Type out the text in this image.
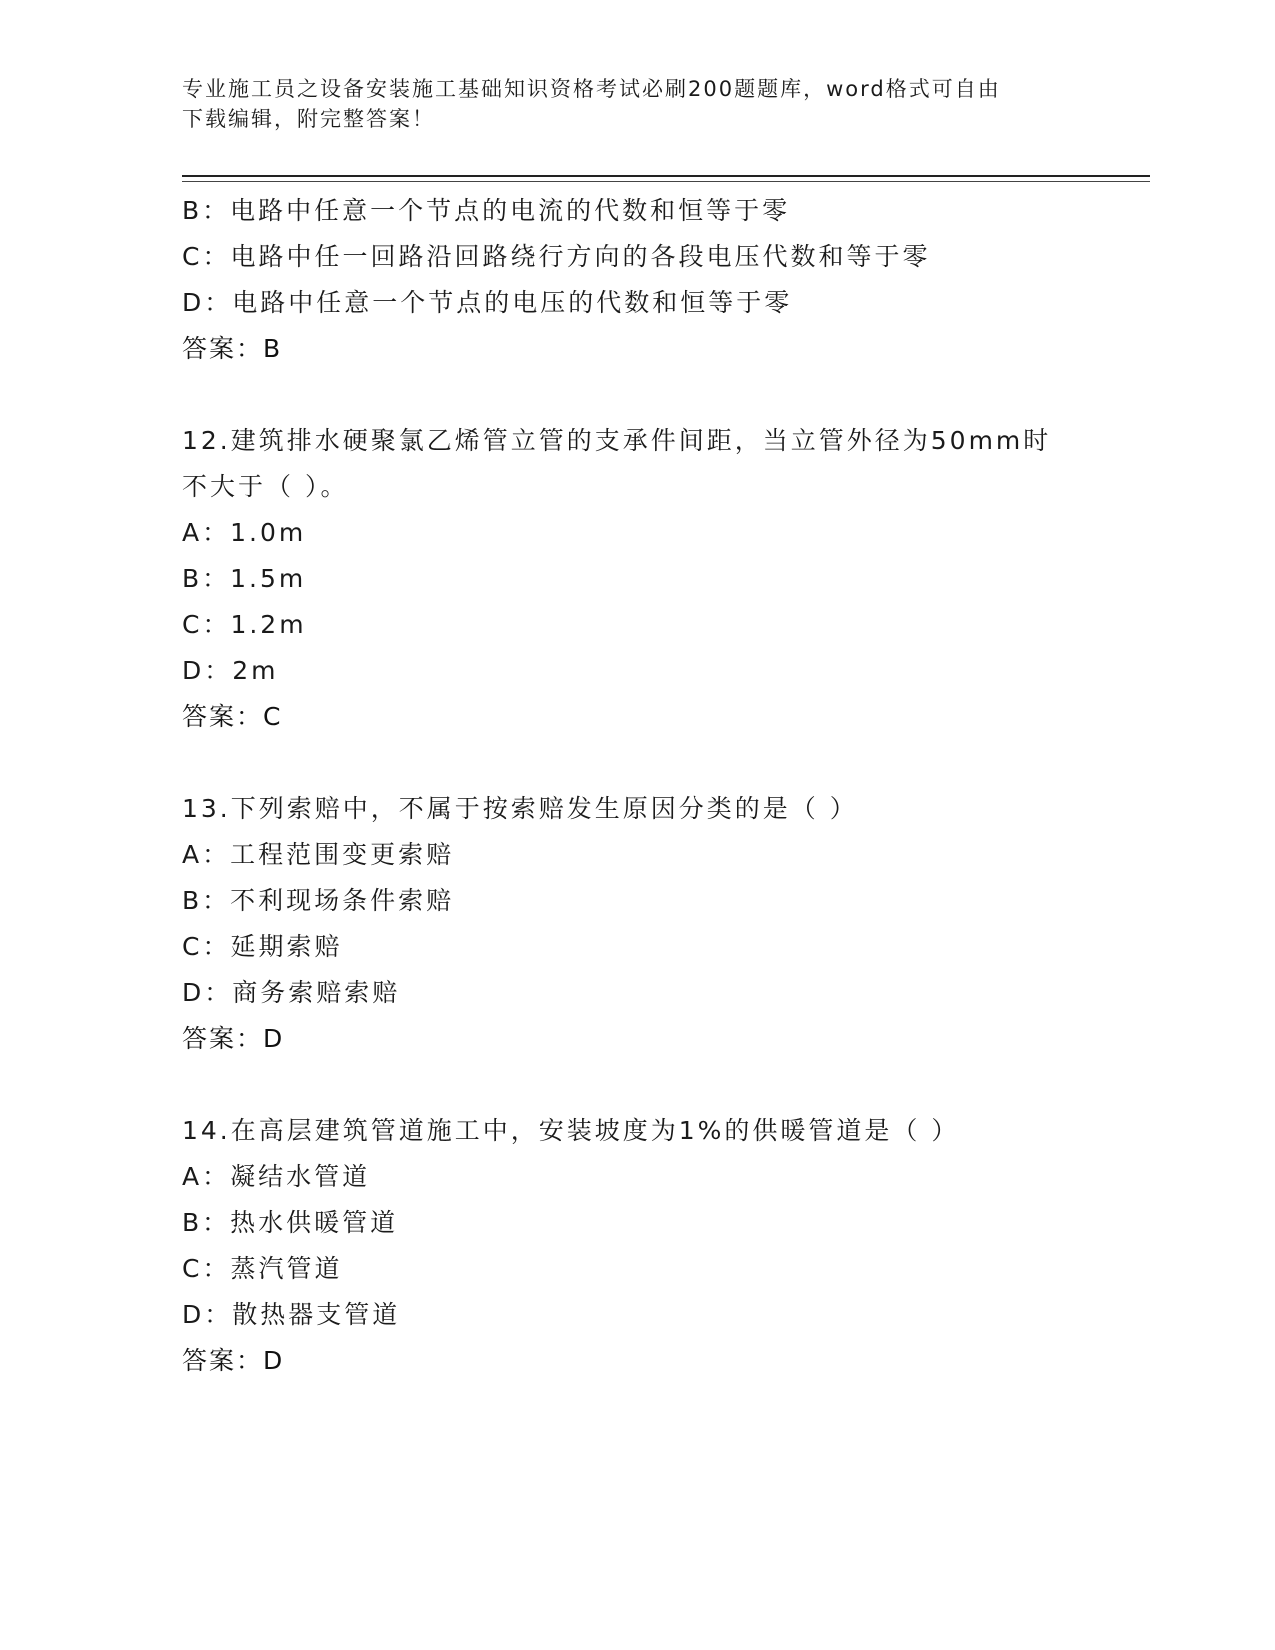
专业施工员之设备安装施工基础知识资格考试必刷200题题库，word格式可自由
下载编辑，附完整答案！
B：电路中任意一个节点的电流的代数和恒等于零
C：电路中任一回路沿回路绕行方向的各段电压代数和等于零
D：电路中任意一个节点的电压的代数和恒等于零
答案：B
12.建筑排水硬聚氯乙烯管立管的支承件间距，当立管外径为50mm时
不大于（ ）。
A：1.0m
B：1.5m
C：1.2m
D：2m
答案：C
13.下列索赔中，不属于按索赔发生原因分类的是（ ）
A：工程范围变更索赔
B：不利现场条件索赔
C：延期索赔
D：商务索赔索赔
答案：D
14.在高层建筑管道施工中，安装坡度为1%的供暖管道是（ ）
A：凝结水管道
B：热水供暖管道
C：蒸汽管道
D：散热器支管道
答案：D
